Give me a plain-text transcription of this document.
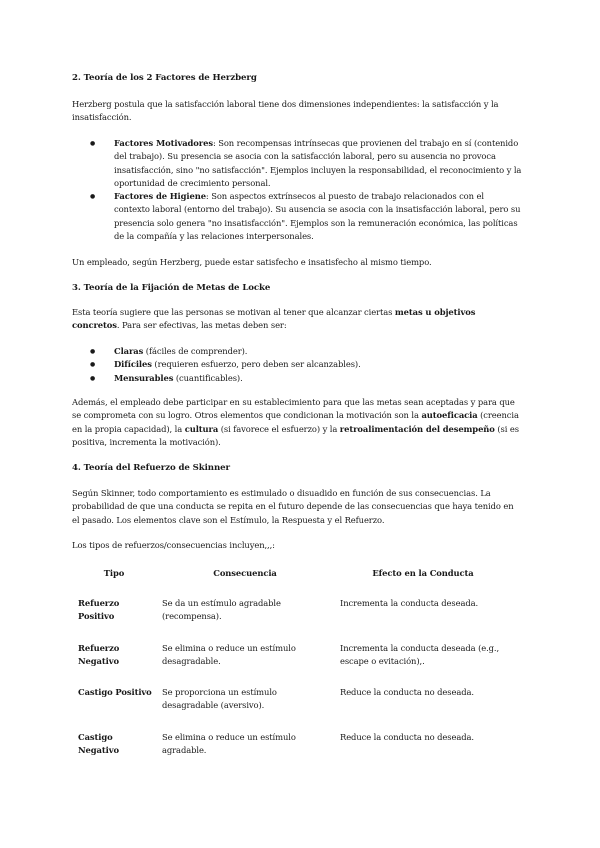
2. Teoría de los 2 Factores de Herzberg

Herzberg postula que la satisfacción laboral tiene dos dimensiones independientes: la satisfacción y la insatisfacción.

● Factores Motivadores: Son recompensas intrínsecas que provienen del trabajo en sí (contenido del trabajo). Su presencia se asocia con la satisfacción laboral, pero su ausencia no provoca insatisfacción, sino "no satisfacción". Ejemplos incluyen la responsabilidad, el reconocimiento y la oportunidad de crecimiento personal.
● Factores de Higiene: Son aspectos extrínsecos al puesto de trabajo relacionados con el contexto laboral (entorno del trabajo). Su ausencia se asocia con la insatisfacción laboral, pero su presencia solo genera "no insatisfacción". Ejemplos son la remuneración económica, las políticas de la compañía y las relaciones interpersonales.

Un empleado, según Herzberg, puede estar satisfecho e insatisfecho al mismo tiempo.

3. Teoría de la Fijación de Metas de Locke

Esta teoría sugiere que las personas se motivan al tener que alcanzar ciertas metas u objetivos concretos. Para ser efectivas, las metas deben ser:

● Claras (fáciles de comprender).
● Difíciles (requieren esfuerzo, pero deben ser alcanzables).
● Mensurables (cuantificables).

Además, el empleado debe participar en su establecimiento para que las metas sean aceptadas y para que se comprometa con su logro. Otros elementos que condicionan la motivación son la autoeficacia (creencia en la propia capacidad), la cultura (si favorece el esfuerzo) y la retroalimentación del desempeño (si es positiva, incrementa la motivación).

4. Teoría del Refuerzo de Skinner

Según Skinner, todo comportamiento es estimulado o disuadido en función de sus consecuencias. La probabilidad de que una conducta se repita en el futuro depende de las consecuencias que haya tenido en el pasado. Los elementos clave son el Estímulo, la Respuesta y el Refuerzo.

Los tipos de refuerzos/consecuencias incluyen,,,:

Tipo	Consecuencia	Efecto en la Conducta
Refuerzo Positivo	Se da un estímulo agradable (recompensa).	Incrementa la conducta deseada.
Refuerzo Negativo	Se elimina o reduce un estímulo desagradable.	Incrementa la conducta deseada (e.g., escape o evitación),.
Castigo Positivo	Se proporciona un estímulo desagradable (aversivo).	Reduce la conducta no deseada.
Castigo Negativo	Se elimina o reduce un estímulo agradable.	Reduce la conducta no deseada.
